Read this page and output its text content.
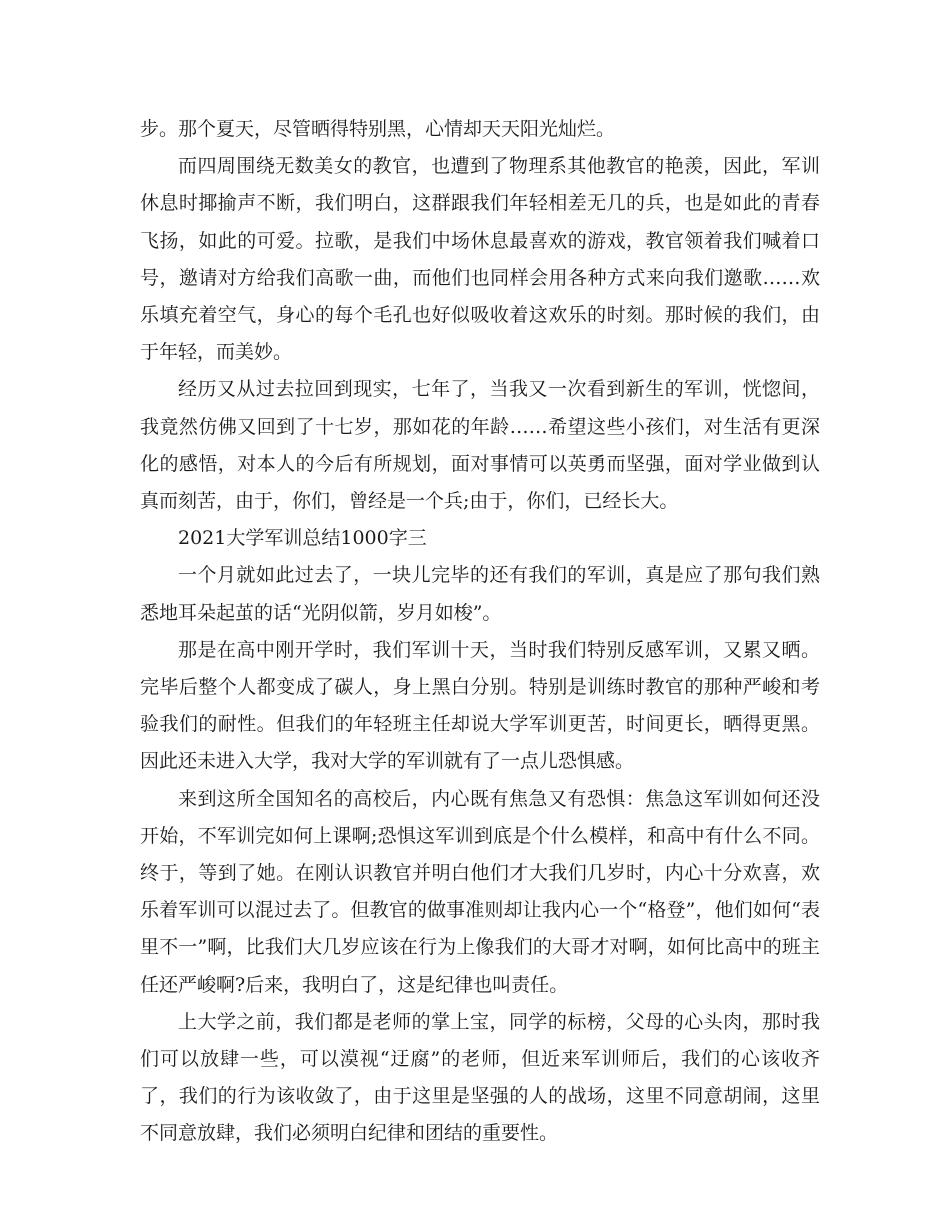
步。那个夏天，尽管晒得特别黑，心情却天天阳光灿烂。

而四周围绕无数美女的教官，也遭到了物理系其他教官的艳羡，因此，军训休息时揶揄声不断，我们明白，这群跟我们年轻相差无几的兵，也是如此的青春飞扬，如此的可爱。拉歌，是我们中场休息最喜欢的游戏，教官领着我们喊着口号，邀请对方给我们高歌一曲，而他们也同样会用各种方式来向我们邀歌……欢乐填充着空气，身心的每个毛孔也好似吸收着这欢乐的时刻。那时候的我们，由于年轻，而美妙。

经历又从过去拉回到现实，七年了，当我又一次看到新生的军训，恍惚间，我竟然仿佛又回到了十七岁，那如花的年龄……希望这些小孩们，对生活有更深化的感悟，对本人的今后有所规划，面对事情可以英勇而坚强，面对学业做到认真而刻苦，由于，你们，曾经是一个兵;由于，你们，已经长大。

2021大学军训总结1000字三

一个月就如此过去了，一块儿完毕的还有我们的军训，真是应了那句我们熟悉地耳朵起茧的话“光阴似箭，岁月如梭”。

那是在高中刚开学时，我们军训十天，当时我们特别反感军训，又累又晒。完毕后整个人都变成了碳人，身上黑白分别。特别是训练时教官的那种严峻和考验我们的耐性。但我们的年轻班主任却说大学军训更苦，时间更长，晒得更黑。因此还未进入大学，我对大学的军训就有了一点儿恐惧感。

来到这所全国知名的高校后，内心既有焦急又有恐惧：焦急这军训如何还没开始，不军训完如何上课啊;恐惧这军训到底是个什么模样，和高中有什么不同。终于，等到了她。在刚认识教官并明白他们才大我们几岁时，内心十分欢喜，欢乐着军训可以混过去了。但教官的做事准则却让我内心一个“格登”，他们如何“表里不一”啊，比我们大几岁应该在行为上像我们的大哥才对啊，如何比高中的班主任还严峻啊?后来，我明白了，这是纪律也叫责任。

上大学之前，我们都是老师的掌上宝，同学的标榜，父母的心头肉，那时我们可以放肆一些，可以漠视“迂腐”的老师，但近来军训师后，我们的心该收齐了，我们的行为该收敛了，由于这里是坚强的人的战场，这里不同意胡闹，这里不同意放肆，我们必须明白纪律和团结的重要性。
